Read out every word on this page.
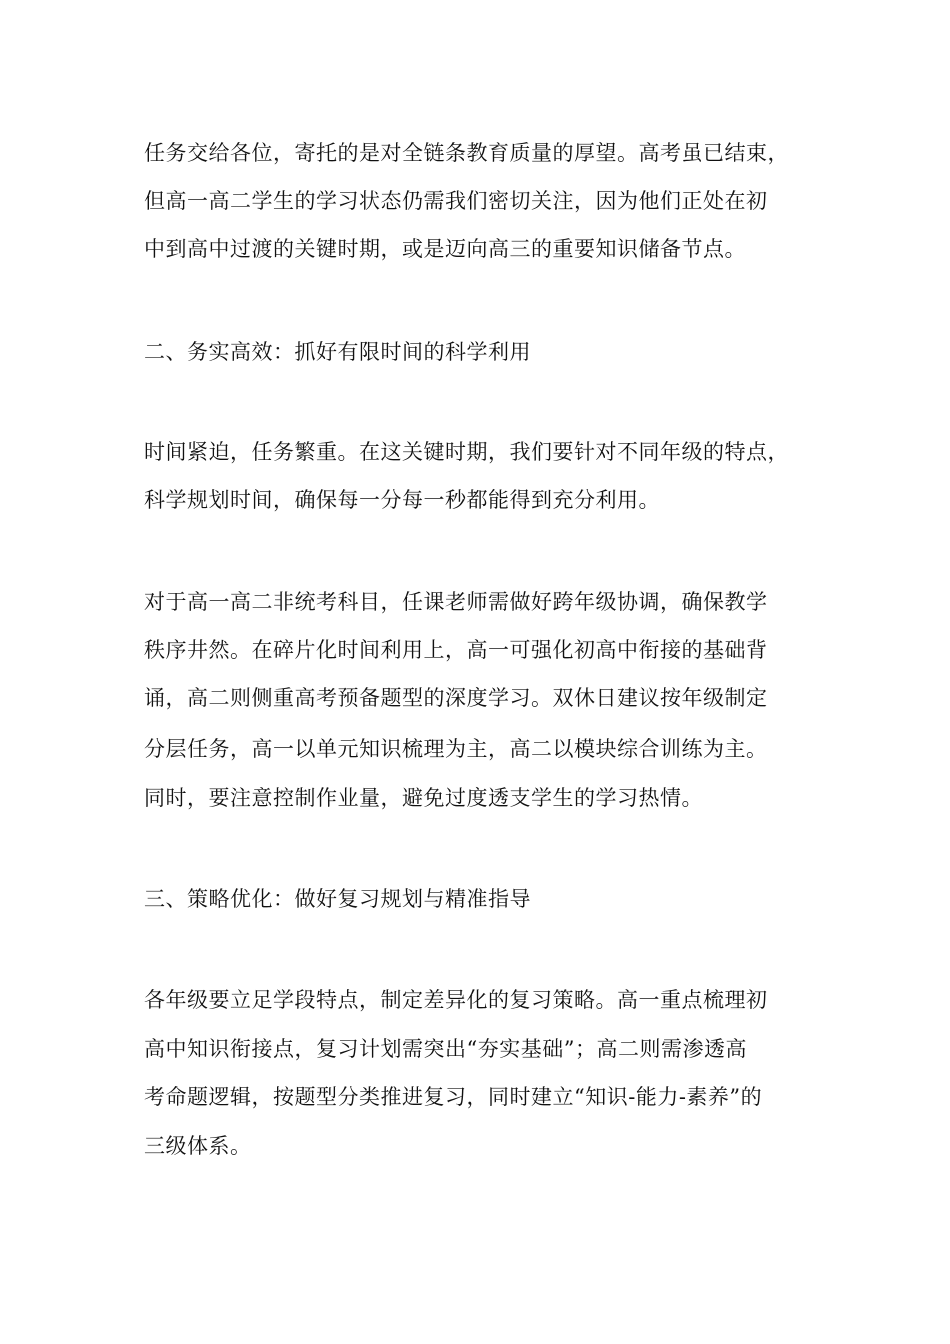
任务交给各位，寄托的是对全链条教育质量的厚望。高考虽已结束，
但高一高二学生的学习状态仍需我们密切关注，因为他们正处在初
中到高中过渡的关键时期，或是迈向高三的重要知识储备节点。
二、务实高效：抓好有限时间的科学利用
时间紧迫，任务繁重。在这关键时期，我们要针对不同年级的特点，
科学规划时间，确保每一分每一秒都能得到充分利用。
对于高一高二非统考科目，任课老师需做好跨年级协调，确保教学
秩序井然。在碎片化时间利用上，高一可强化初高中衔接的基础背
诵，高二则侧重高考预备题型的深度学习。双休日建议按年级制定
分层任务，高一以单元知识梳理为主，高二以模块综合训练为主。
同时，要注意控制作业量，避免过度透支学生的学习热情。
三、策略优化：做好复习规划与精准指导
各年级要立足学段特点，制定差异化的复习策略。高一重点梳理初
高中知识衔接点，复习计划需突出“夯实基础”；高二则需渗透高
考命题逻辑，按题型分类推进复习，同时建立“知识-能力-素养”的
三级体系。
